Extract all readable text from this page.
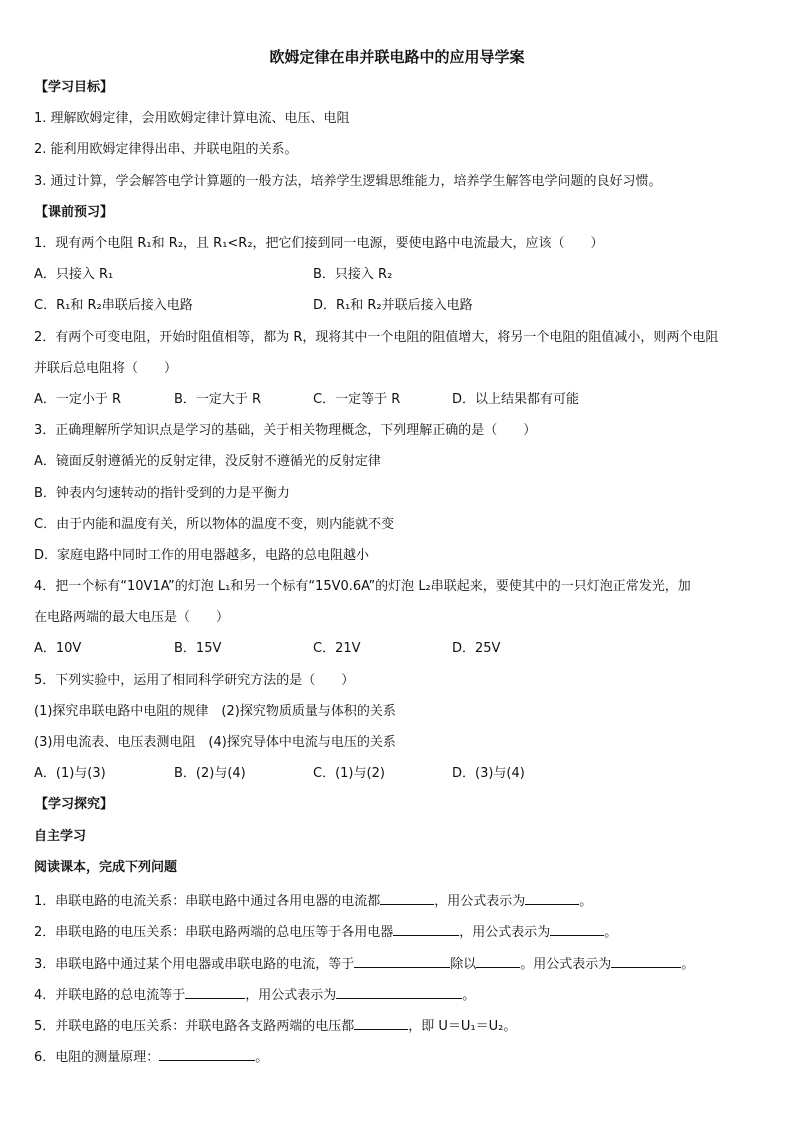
欧姆定律在串并联电路中的应用导学案
【学习目标】
1. 理解欧姆定律，会用欧姆定律计算电流、电压、电阻
2. 能利用欧姆定律得出串、并联电阻的关系。
3. 通过计算，学会解答电学计算题的一般方法，培养学生逻辑思维能力，培养学生解答电学问题的良好习惯。
【课前预习】
1．现有两个电阻 R₁和 R₂，且 R₁<R₂，把它们接到同一电源，要使电路中电流最大，应该（　　）
A．只接入 R₁	B．只接入 R₂
C．R₁和 R₂串联后接入电路	D．R₁和 R₂并联后接入电路
2．有两个可变电阻，开始时阻值相等，都为 R，现将其中一个电阻的阻值增大，将另一个电阻的阻值减小，则两个电阻
并联后总电阻将（　　）
A．一定小于 R	B．一定大于 R	C．一定等于 R	D．以上结果都有可能
3．正确理解所学知识点是学习的基础，关于相关物理概念，下列理解正确的是（　　）
A．镜面反射遵循光的反射定律，没反射不遵循光的反射定律
B．钟表内匀速转动的指针受到的力是平衡力
C．由于内能和温度有关，所以物体的温度不变，则内能就不变
D．家庭电路中同时工作的用电器越多，电路的总电阻越小
4．把一个标有“10V1A”的灯泡 L₁和另一个标有“15V0.6A”的灯泡 L₂串联起来，要使其中的一只灯泡正常发光，加
在电路两端的最大电压是（　　）
A．10V	B．15V	C．21V	D．25V
5．下列实验中，运用了相同科学研究方法的是（　　）
(1)探究串联电路中电阻的规律　(2)探究物质质量与体积的关系
(3)用电流表、电压表测电阻　(4)探究导体中电流与电压的关系
A．(1)与(3)	B．(2)与(4)	C．(1)与(2)	D．(3)与(4)
【学习探究】
自主学习
阅读课本，完成下列问题
1．串联电路的电流关系：串联电路中通过各用电器的电流都	，用公式表示为	。
2．串联电路的电压关系：串联电路两端的总电压等于各用电器	，用公式表示为	。
3．串联电路中通过某个用电器或串联电路的电流，等于	除以	。用公式表示为	。
4．并联电路的总电流等于	，用公式表示为	。
5．并联电路的电压关系：并联电路各支路两端的电压都	，即 U＝U₁＝U₂。
6．电阻的测量原理：	。
